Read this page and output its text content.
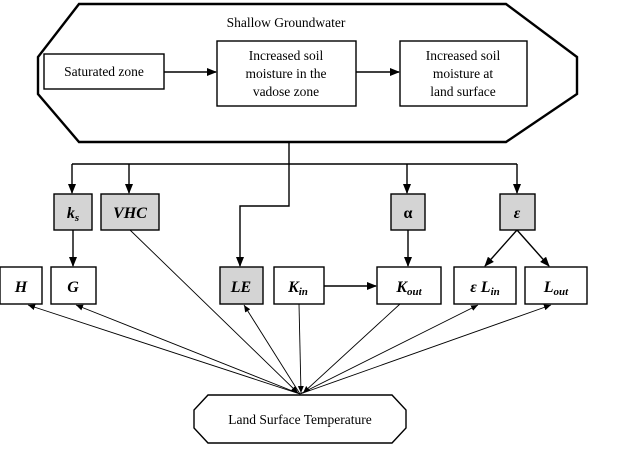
Shallow Groundwater
Saturated zone
Increased soil
moisture in the
vadose zone
Increased soil
moisture at
land surface
ks VHC	α	ε
H G	LE Kin	Kout	ε Lin	Lout
Land Surface Temperature
